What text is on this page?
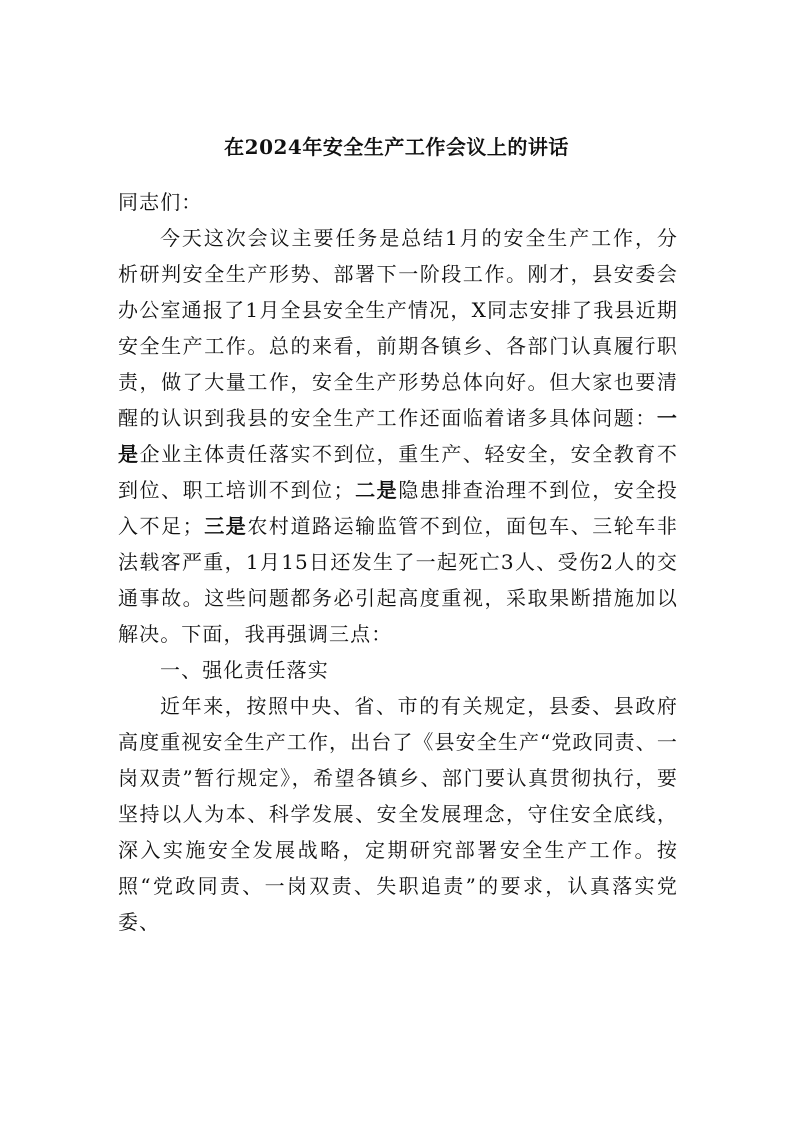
在2024年安全生产工作会议上的讲话

同志们：

今天这次会议主要任务是总结1月的安全生产工作，分析研判安全生产形势、部署下一阶段工作。刚才，县安委会办公室通报了1月全县安全生产情况，X同志安排了我县近期安全生产工作。总的来看，前期各镇乡、各部门认真履行职责，做了大量工作，安全生产形势总体向好。但大家也要清醒的认识到我县的安全生产工作还面临着诸多具体问题：一是企业主体责任落实不到位，重生产、轻安全，安全教育不到位、职工培训不到位；二是隐患排查治理不到位，安全投入不足；三是农村道路运输监管不到位，面包车、三轮车非法载客严重，1月15日还发生了一起死亡3人、受伤2人的交通事故。这些问题都务必引起高度重视，采取果断措施加以解决。下面，我再强调三点：

一、强化责任落实

近年来，按照中央、省、市的有关规定，县委、县政府高度重视安全生产工作，出台了《县安全生产“党政同责、一岗双责”暂行规定》，希望各镇乡、部门要认真贯彻执行，要坚持以人为本、科学发展、安全发展理念，守住安全底线，深入实施安全发展战略，定期研究部署安全生产工作。按照“党政同责、一岗双责、失职追责”的要求，认真落实党委、
